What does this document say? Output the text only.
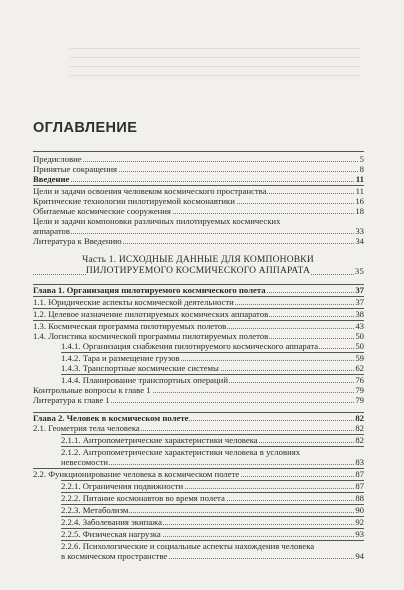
ОГЛАВЛЕНИЕ
Предисловие	5
Принятые сокращения	8
Введение	11
Цели и задачи освоения человеком космического пространства	11
Критические технологии пилотируемой космонавтики	16
Обитаемые космические сооружения	18
Цели и задачи компоновки различных пилотируемых космических
аппаратов	33
Литература к Введению	34
Часть 1. ИСХОДНЫЕ ДАННЫЕ ДЛЯ КОМПОНОВКИ
ПИЛОТИРУЕМОГО КОСМИЧЕСКОГО АППАРАТА	35
Глава 1. Организация пилотируемого космического полета	37
1.1. Юридические аспекты космической деятельности	37
1.2. Целевое назначение пилотируемых космических аппаратов	38
1.3. Космическая программа пилотируемых полетов	43
1.4. Логистика космической программы пилотируемых полетов	50
1.4.1. Организация снабжения пилотируемого космического аппарата	50
1.4.2. Тара и размещение грузов	59
1.4.3. Транспортные космические системы	62
1.4.4. Планирование транспортных операций	76
Контрольные вопросы к главе 1	79
Литература к главе 1	79
Глава 2. Человек в космическом полете	82
2.1. Геометрия тела человека	82
2.1.1. Антропометрические характеристики человека	82
2.1.2. Антропометрические характеристики человека в условиях
невесомости	83
2.2. Функционирование человека в космическом полете	87
2.2.1. Ограничения подвижности	87
2.2.2. Питание космонавтов во время полета	88
2.2.3. Метаболизм	90
2.2.4. Заболевания экипажа	92
2.2.5. Физическая нагрузка	93
2.2.6. Психологические и социальные аспекты нахождения человека
в космическом пространстве	94
